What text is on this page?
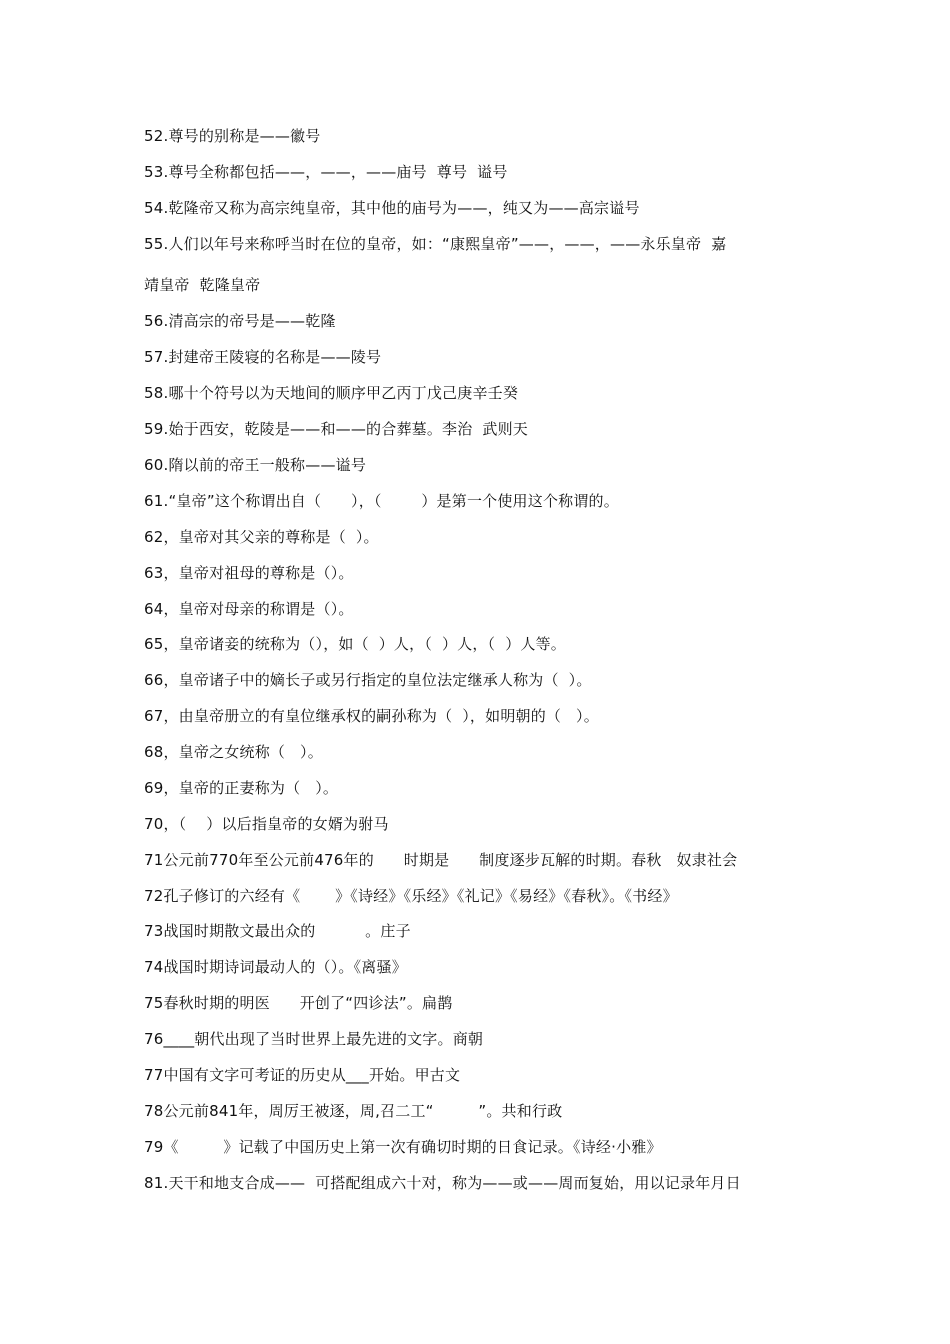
52.尊号的别称是——徽号
53.尊号全称都包括——，——，——庙号  尊号  谥号
54.乾隆帝又称为高宗纯皇帝，其中他的庙号为——，纯又为——高宗谥号
55.人们以年号来称呼当时在位的皇帝，如：“康熙皇帝”——，——，——永乐皇帝  嘉
靖皇帝  乾隆皇帝
56.清高宗的帝号是——乾隆
57.封建帝王陵寝的名称是——陵号
58.哪十个符号以为天地间的顺序甲乙丙丁戊己庚辛壬癸
59.始于西安，乾陵是——和——的合葬墓。李治  武则天
60.隋以前的帝王一般称——谥号
61.“皇帝”这个称谓出自（      ），（        ）是第一个使用这个称谓的。
62，皇帝对其父亲的尊称是（  ）。
63，皇帝对祖母的尊称是（）。
64，皇帝对母亲的称谓是（）。
65，皇帝诸妾的统称为（），如（  ）人，（  ）人，（  ）人等。
66，皇帝诸子中的嫡长子或另行指定的皇位法定继承人称为（  ）。
67，由皇帝册立的有皇位继承权的嗣孙称为（  ），如明朝的（   ）。
68，皇帝之女统称（   ）。
69，皇帝的正妻称为（   ）。
70，（    ）以后指皇帝的女婿为驸马
71公元前770年至公元前476年的      时期是      制度逐步瓦解的时期。春秋   奴隶社会
72孔子修订的六经有《       》《诗经》《乐经》《礼记》《易经》《春秋》。《书经》
73战国时期散文最出众的          。庄子
74战国时期诗词最动人的（）。《离骚》
75春秋时期的明医      开创了“四诊法”。扁鹊
76____朝代出现了当时世界上最先进的文字。商朝
77中国有文字可考证的历史从___开始。甲古文
78公元前841年，周厉王被逐，周,召二工“         ”。共和行政
79《         》记载了中国历史上第一次有确切时期的日食记录。《诗经·小雅》
81.天干和地支合成——  可搭配组成六十对，称为——或——周而复始，用以记录年月日
